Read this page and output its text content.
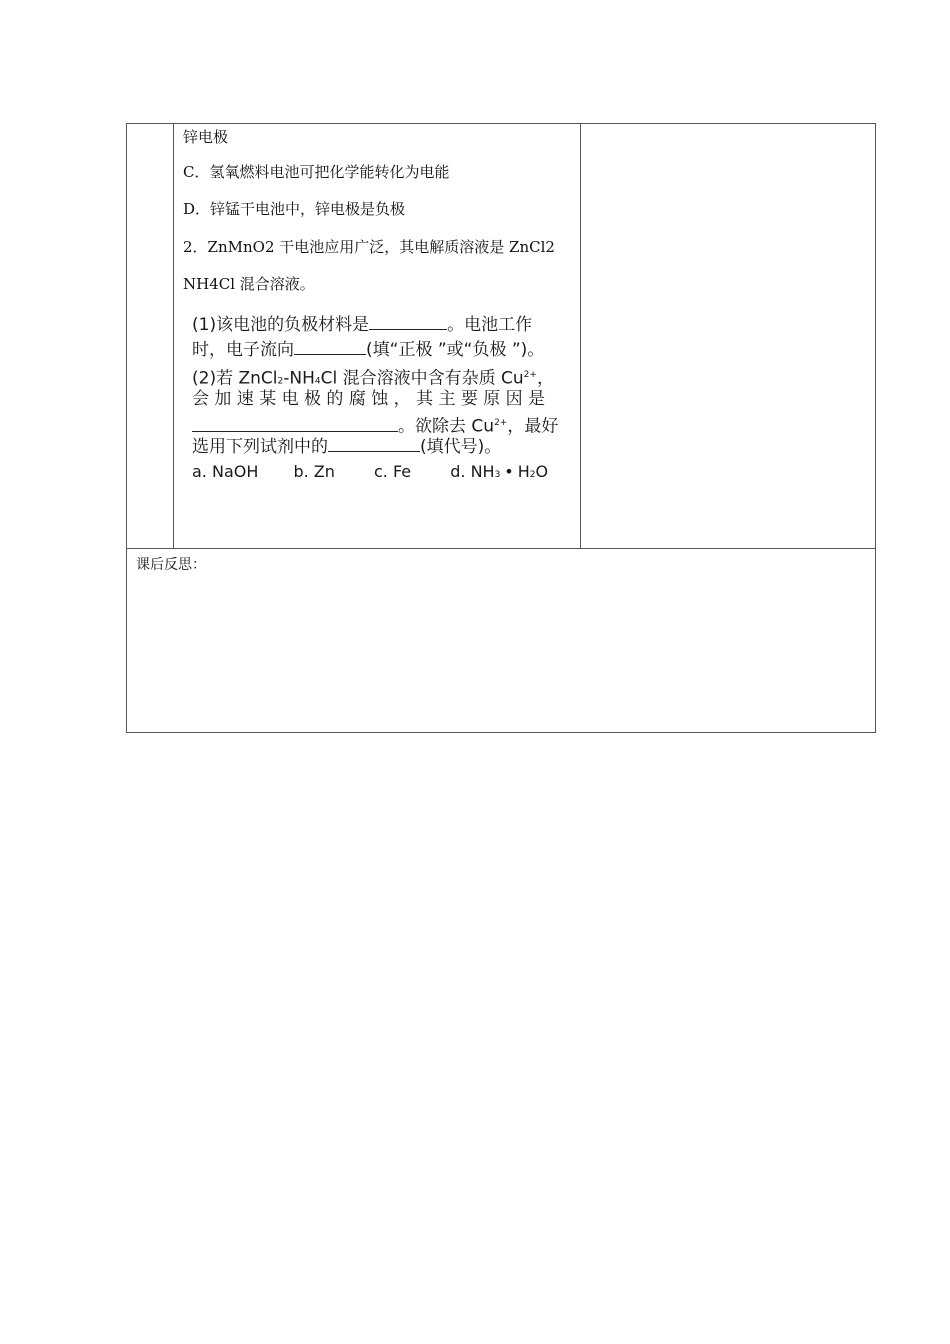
锌电极
C．氢氧燃料电池可把化学能转化为电能
D．锌锰干电池中，锌电极是负极
2．ZnMnO2 干电池应用广泛，其电解质溶液是 ZnCl2
NH4Cl 混合溶液。
(1)该电池的负极材料是	。电池工作
时，电子流向	(填“正极 ”或“负极 ”)。
(2)若 ZnCl2-NH4Cl 混合溶液中含有杂质 $Cu^{2+}$，
会 加 速 某 电 极 的 腐 蚀 ， 其 主 要 原 因 是
。欲除去 $Cu^{2+}$，最好
选用下列试剂中的	(填代号)。
a. NaOH b. Zn c. Fe d. NH3 • H2O
课后反思：
